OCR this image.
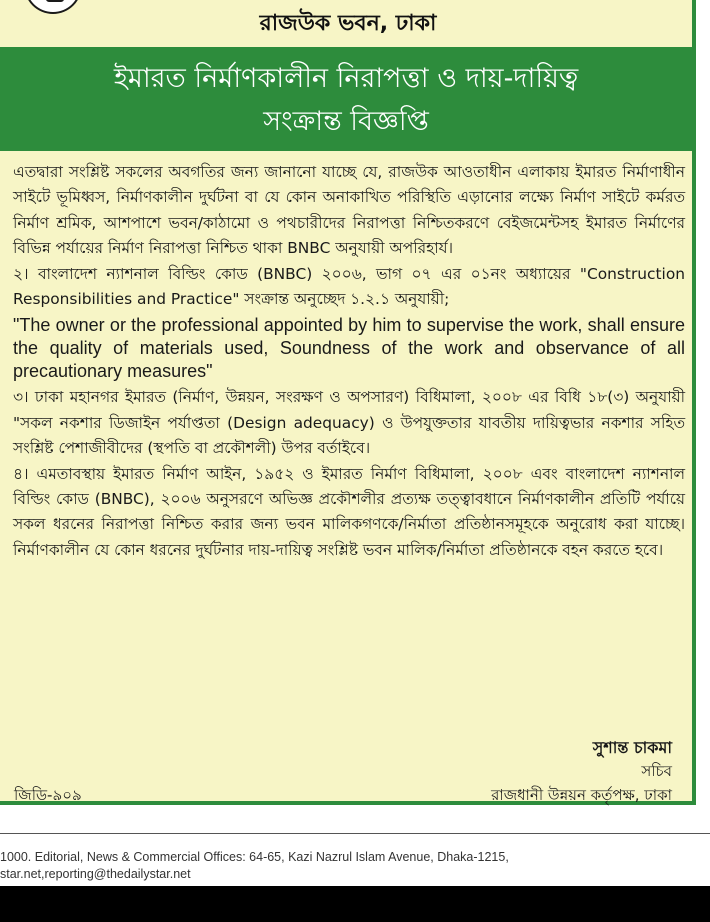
রাজউক ভবন, ঢাকা
ইমারত নির্মাণকালীন নিরাপত্তা ও দায়-দায়িত্ব
সংক্রান্ত বিজ্ঞপ্তি

এতদ্বারা সংশ্লিষ্ট সকলের অবগতির জন্য জানানো যাচ্ছে যে, রাজউক আওতাধীন এলাকায় ইমারত নির্মাণাধীন সাইটে ভূমিধ্বস, নির্মাণকালীন দুর্ঘটনা বা যে কোন অনাকাখিত পরিস্থিতি এড়ানোর লক্ষ্যে নির্মাণ সাইটে কর্মরত নির্মাণ শ্রমিক, আশপাশে ভবন/কাঠামো ও পথচারীদের নিরাপত্তা নিশ্চিতকরণে বেইজমেন্টসহ ইমারত নির্মাণের বিভিন্ন পর্যায়ের নির্মাণ নিরাপত্তা নিশ্চিত থাকা BNBC অনুযায়ী অপরিহার্য।

২। বাংলাদেশ ন্যাশনাল বিল্ডিং কোড (BNBC) ২০০৬, ভাগ ০৭ এর ০১নং অধ্যায়ের "Construction Responsibilities and Practice" সংক্রান্ত অনুচ্ছেদ ১.২.১ অনুযায়ী;

"The owner or the professional appointed by him to supervise the work, shall ensure the quality of materials used, Soundness of the work and observance of all precautionary measures"

৩। ঢাকা মহানগর ইমারত (নির্মাণ, উন্নয়ন, সংরক্ষণ ও অপসারণ) বিধিমালা, ২০০৮ এর বিধি ১৮(৩) অনুযায়ী "সকল নকশার ডিজাইন পর্যাপ্ততা (Design adequacy) ও উপযুক্ততার যাবতীয় দায়িত্বভার নকশার সহিত সংশ্লিষ্ট পেশাজীবীদের (স্থপতি বা প্রকৌশলী) উপর বর্তাইবে।

৪। এমতাবস্থায় ইমারত নির্মাণ আইন, ১৯৫২ ও ইমারত নির্মাণ বিধিমালা, ২০০৮ এবং বাংলাদেশ ন্যাশনাল বিল্ডিং কোড (BNBC), ২০০৬ অনুসরণে অভিজ্ঞ প্রকৌশলীর প্রত্যক্ষ তত্ত্বাবধানে নির্মাণকালীন প্রতিটি পর্যায়ে সকল ধরনের নিরাপত্তা নিশ্চিত করার জন্য ভবন মালিকগণকে/নির্মাতা প্রতিষ্ঠানসমূহকে অনুরোধ করা যাচ্ছে। নির্মাণকালীন যে কোন ধরনের দুর্ঘটনার দায়-দায়িত্ব সংশ্লিষ্ট ভবন মালিক/নির্মাতা প্রতিষ্ঠানকে বহন করতে হবে।

সুশান্ত চাকমা
সচিব
রাজধানী উন্নয়ন কর্তৃপক্ষ, ঢাকা
জিডি-৯০৯
1000. Editorial, News & Commercial Offices: 64-65, Kazi Nazrul Islam Avenue, Dhaka-1215,
star.net,reporting@thedailystar.net
